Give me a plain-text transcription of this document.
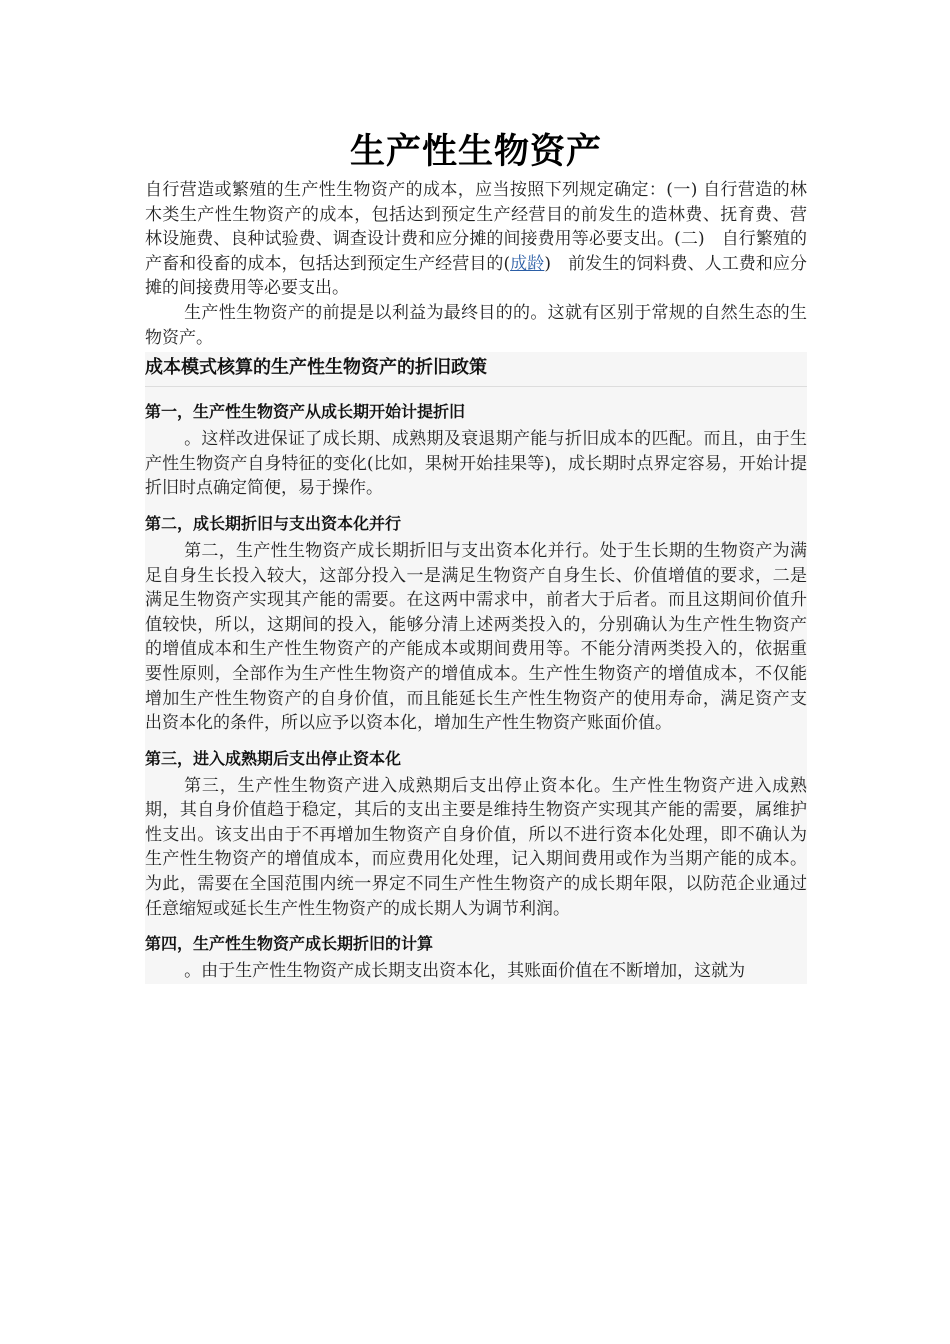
生产性生物资产

自行营造或繁殖的生产性生物资产的成本，应当按照下列规定确定：(一) 自行营造的林木类生产性生物资产的成本，包括达到预定生产经营目的前发生的造林费、抚育费、营林设施费、良种试验费、调查设计费和应分摊的间接费用等必要支出。(二)　自行繁殖的产畜和役畜的成本，包括达到预定生产经营目的(成龄)　前发生的饲料费、人工费和应分摊的间接费用等必要支出。

生产性生物资产的前提是以利益为最终目的的。这就有区别于常规的自然生态的生物资产。

成本模式核算的生产性生物资产的折旧政策
第一，生产性生物资产从成长期开始计提折旧

。这样改进保证了成长期、成熟期及衰退期产能与折旧成本的匹配。而且，由于生产性生物资产自身特征的变化(比如，果树开始挂果等)，成长期时点界定容易，开始计提折旧时点确定简便，易于操作。

第二，成长期折旧与支出资本化并行

第二，生产性生物资产成长期折旧与支出资本化并行。处于生长期的生物资产为满足自身生长投入较大，这部分投入一是满足生物资产自身生长、价值增值的要求，二是满足生物资产实现其产能的需要。在这两中需求中，前者大于后者。而且这期间价值升值较快，所以，这期间的投入，能够分清上述两类投入的，分别确认为生产性生物资产的增值成本和生产性生物资产的产能成本或期间费用等。不能分清两类投入的，依据重要性原则，全部作为生产性生物资产的增值成本。生产性生物资产的增值成本，不仅能增加生产性生物资产的自身价值，而且能延长生产性生物资产的使用寿命，满足资产支出资本化的条件，所以应予以资本化，增加生产性生物资产账面价值。

第三，进入成熟期后支出停止资本化

第三，生产性生物资产进入成熟期后支出停止资本化。生产性生物资产进入成熟期，其自身价值趋于稳定，其后的支出主要是维持生物资产实现其产能的需要，属维护性支出。该支出由于不再增加生物资产自身价值，所以不进行资本化处理，即不确认为生产性生物资产的增值成本，而应费用化处理，记入期间费用或作为当期产能的成本。为此，需要在全国范围内统一界定不同生产性生物资产的成长期年限，以防范企业通过任意缩短或延长生产性生物资产的成长期人为调节利润。

第四，生产性生物资产成长期折旧的计算

。由于生产性生物资产成长期支出资本化，其账面价值在不断增加，这就为
